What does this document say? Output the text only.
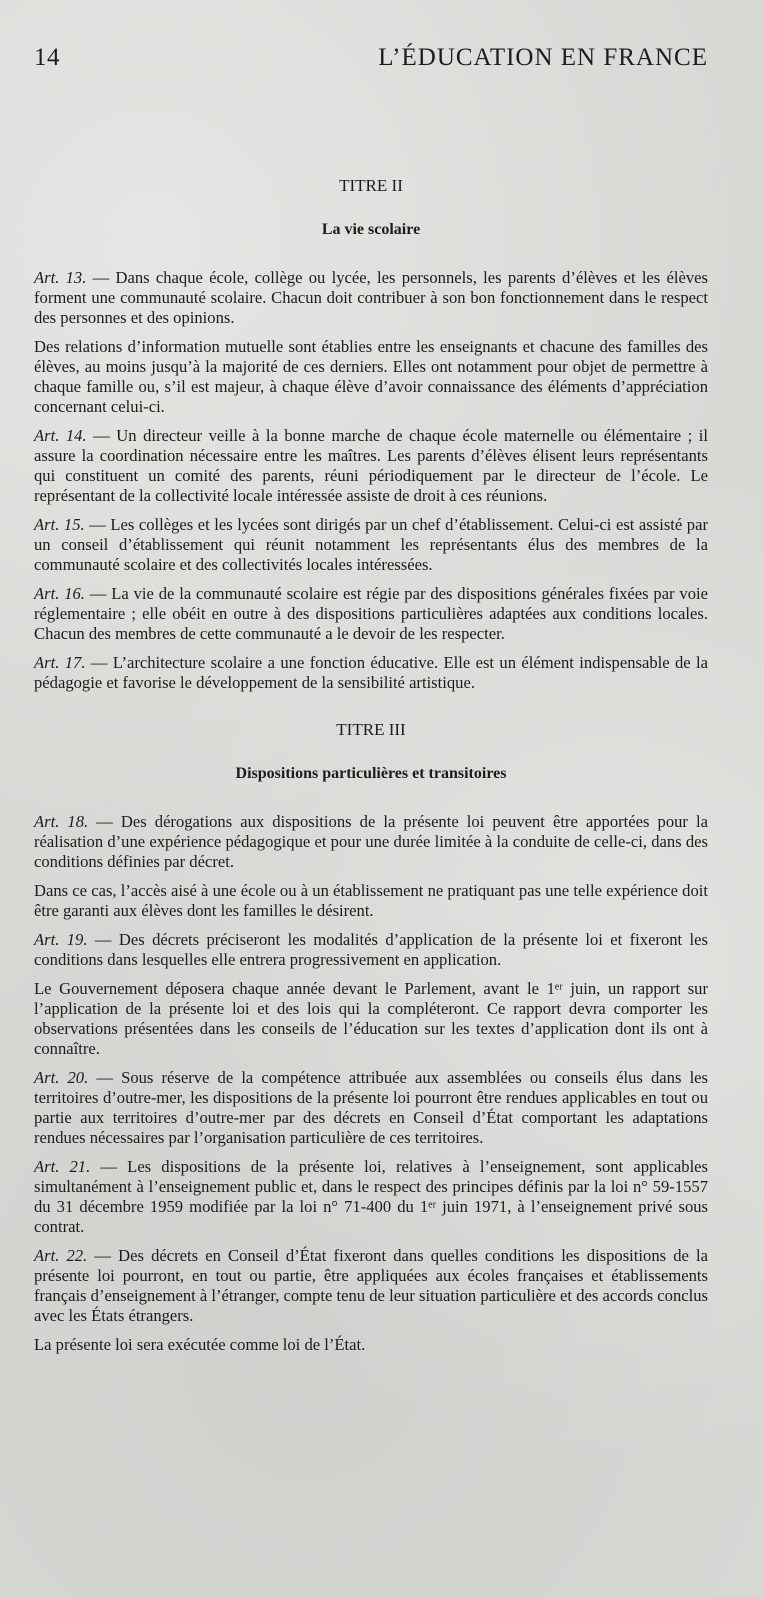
14	L’ÉDUCATION EN FRANCE
TITRE II
La vie scolaire

Art. 13. — Dans chaque école, collège ou lycée, les personnels, les parents d’élèves et les élèves forment une communauté scolaire. Chacun doit contribuer à son bon fonctionnement dans le respect des personnes et des opinions.

Des relations d’information mutuelle sont établies entre les enseignants et chacune des familles des élèves, au moins jusqu’à la majorité de ces derniers. Elles ont notamment pour objet de permettre à chaque famille ou, s’il est majeur, à chaque élève d’avoir connaissance des éléments d’appréciation concernant celui-ci.

Art. 14. — Un directeur veille à la bonne marche de chaque école maternelle ou élémentaire ; il assure la coordination nécessaire entre les maîtres. Les parents d’élèves élisent leurs représentants qui constituent un comité des parents, réuni périodiquement par le directeur de l’école. Le représentant de la collectivité locale intéressée assiste de droit à ces réunions.

Art. 15. — Les collèges et les lycées sont dirigés par un chef d’établissement. Celui-ci est assisté par un conseil d’établissement qui réunit notamment les représentants élus des membres de la communauté scolaire et des collectivités locales intéressées.

Art. 16. — La vie de la communauté scolaire est régie par des dispositions générales fixées par voie réglementaire ; elle obéit en outre à des dispositions particulières adaptées aux conditions locales. Chacun des membres de cette communauté a le devoir de les respecter.

Art. 17. — L’architecture scolaire a une fonction éducative. Elle est un élément indispensable de la pédagogie et favorise le développement de la sensibilité artistique.

TITRE III
Dispositions particulières et transitoires

Art. 18. — Des dérogations aux dispositions de la présente loi peuvent être apportées pour la réalisation d’une expérience pédagogique et pour une durée limitée à la conduite de celle-ci, dans des conditions définies par décret.

Dans ce cas, l’accès aisé à une école ou à un établissement ne pratiquant pas une telle expérience doit être garanti aux élèves dont les familles le désirent.

Art. 19. — Des décrets préciseront les modalités d’application de la présente loi et fixeront les conditions dans lesquelles elle entrera progressivement en application.

Le Gouvernement déposera chaque année devant le Parlement, avant le 1ᵉʳ juin, un rapport sur l’application de la présente loi et des lois qui la compléteront. Ce rapport devra comporter les observations présentées dans les conseils de l’éducation sur les textes d’application dont ils ont à connaître.

Art. 20. — Sous réserve de la compétence attribuée aux assemblées ou conseils élus dans les territoires d’outre-mer, les dispositions de la présente loi pourront être rendues applicables en tout ou partie aux territoires d’outre-mer par des décrets en Conseil d’État comportant les adaptations rendues nécessaires par l’organisation particulière de ces territoires.

Art. 21. — Les dispositions de la présente loi, relatives à l’enseignement, sont applicables simultanément à l’enseignement public et, dans le respect des principes définis par la loi n° 59-1557 du 31 décembre 1959 modifiée par la loi n° 71-400 du 1ᵉʳ juin 1971, à l’enseignement privé sous contrat.

Art. 22. — Des décrets en Conseil d’État fixeront dans quelles conditions les dispositions de la présente loi pourront, en tout ou partie, être appliquées aux écoles françaises et établissements français d’enseignement à l’étranger, compte tenu de leur situation particulière et des accords conclus avec les États étrangers.

La présente loi sera exécutée comme loi de l’État.
